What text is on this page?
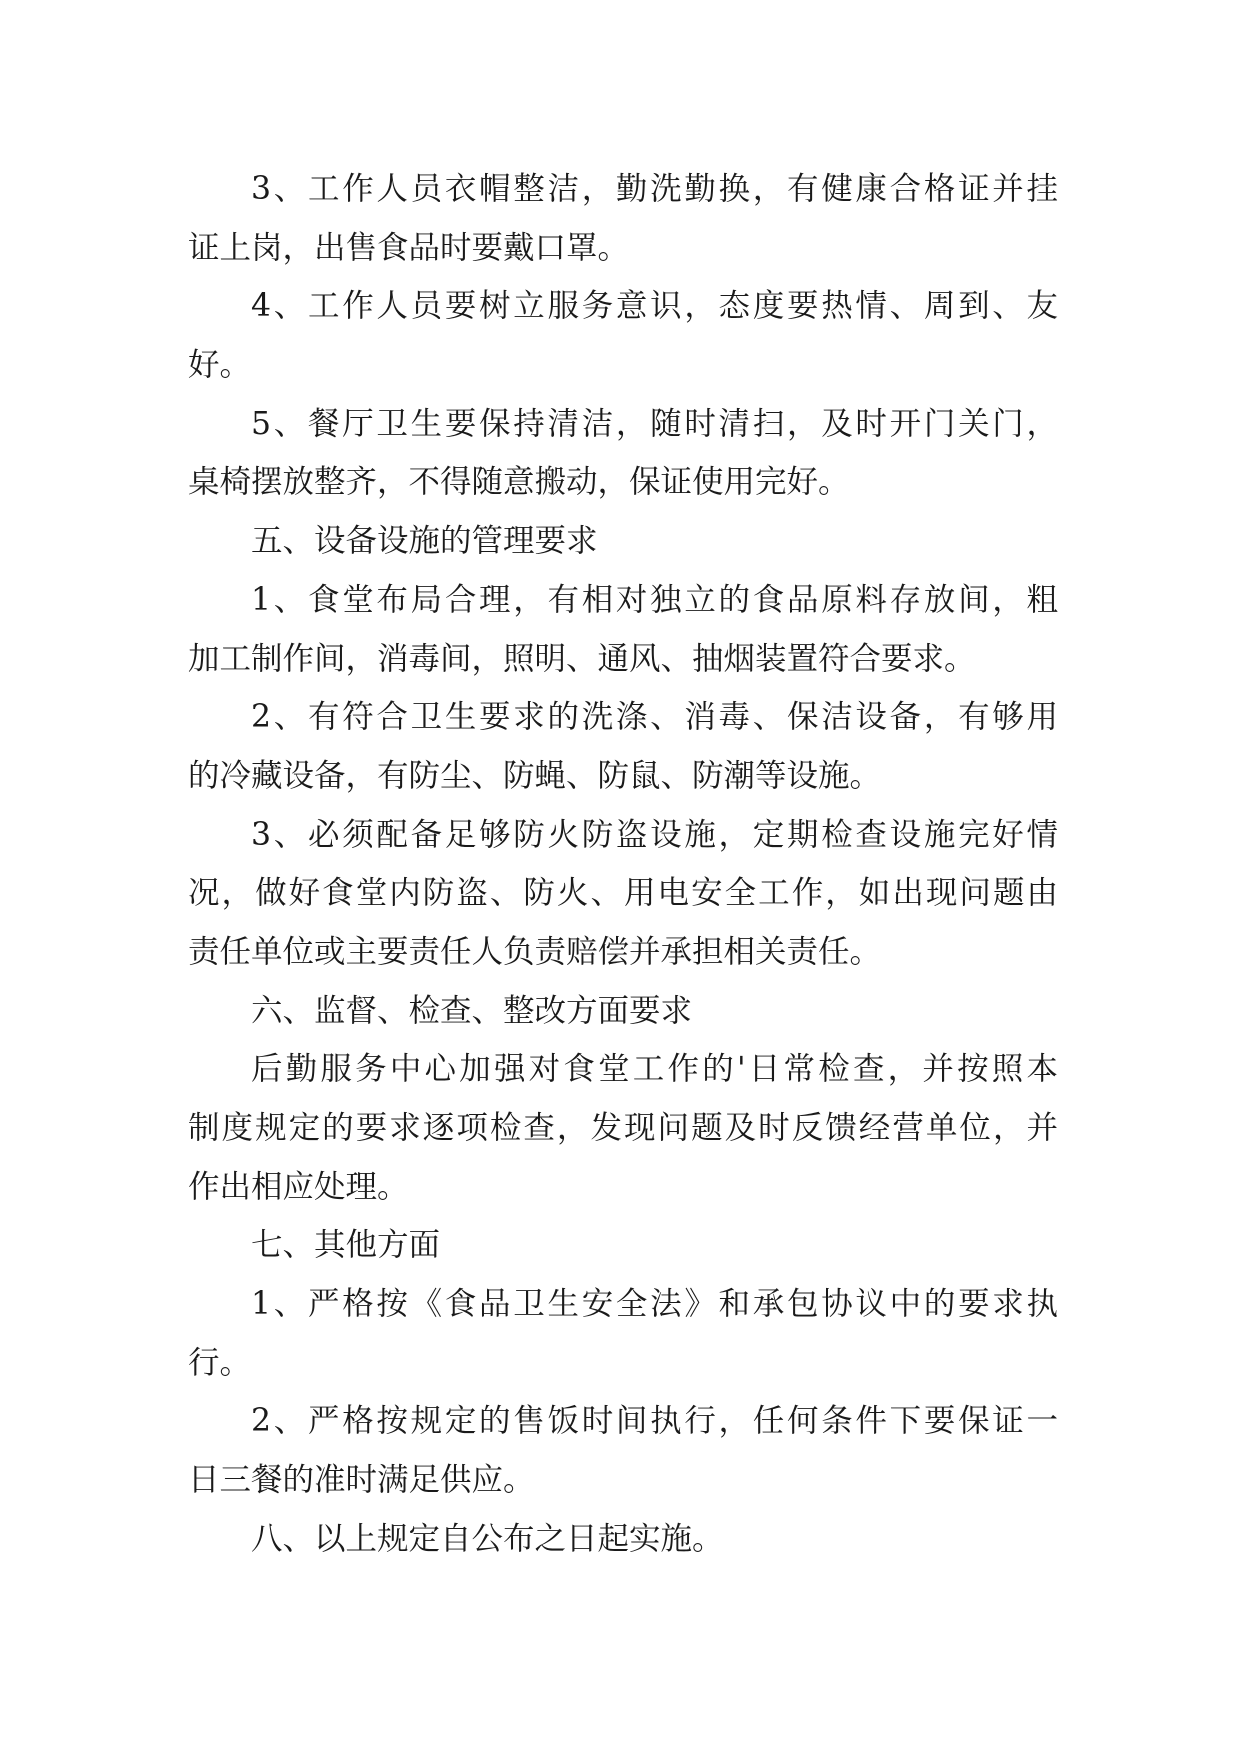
3、工作人员衣帽整洁，勤洗勤换，有健康合格证并挂
证上岗，出售食品时要戴口罩。
4、工作人员要树立服务意识，态度要热情、周到、友
好。
5、餐厅卫生要保持清洁，随时清扫，及时开门关门，
桌椅摆放整齐，不得随意搬动，保证使用完好。
五、设备设施的管理要求
1、食堂布局合理，有相对独立的食品原料存放间，粗
加工制作间，消毒间，照明、通风、抽烟装置符合要求。
2、有符合卫生要求的洗涤、消毒、保洁设备，有够用
的冷藏设备，有防尘、防蝇、防鼠、防潮等设施。
3、必须配备足够防火防盗设施，定期检查设施完好情
况，做好食堂内防盗、防火、用电安全工作，如出现问题由
责任单位或主要责任人负责赔偿并承担相关责任。
六、监督、检查、整改方面要求
后勤服务中心加强对食堂工作的'日常检查，并按照本
制度规定的要求逐项检查，发现问题及时反馈经营单位，并
作出相应处理。
七、其他方面
1、严格按《食品卫生安全法》和承包协议中的要求执
行。
2、严格按规定的售饭时间执行，任何条件下要保证一
日三餐的准时满足供应。
八、以上规定自公布之日起实施。
